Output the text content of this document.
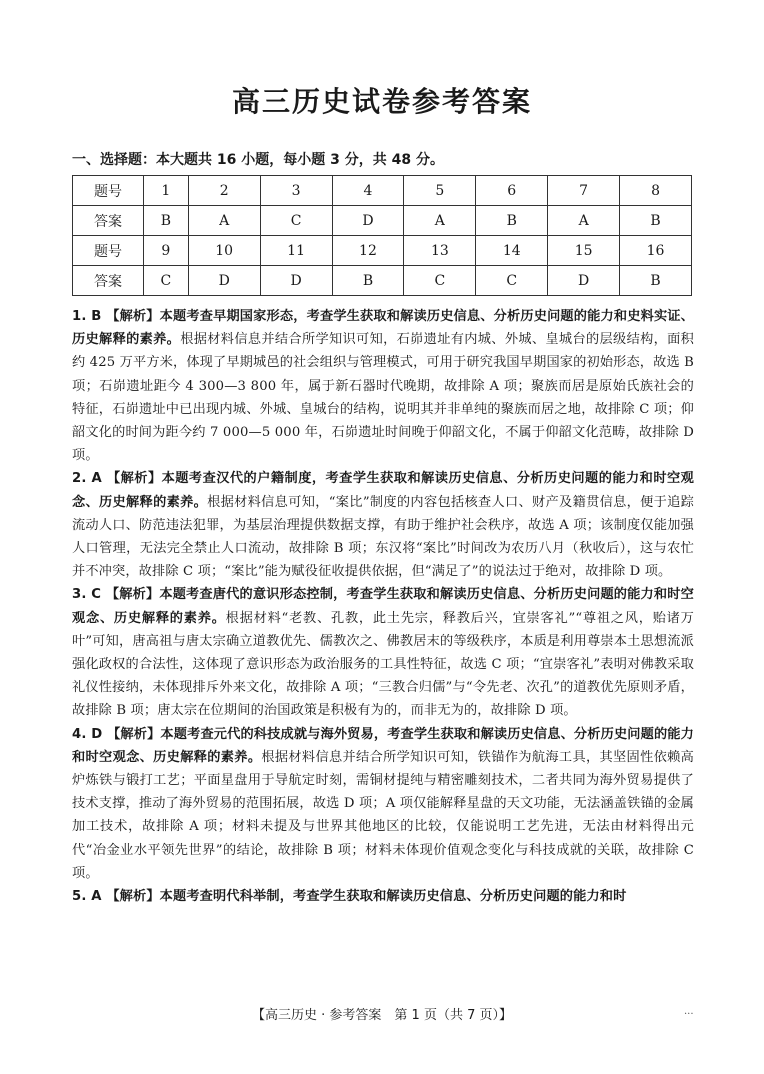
高三历史试卷参考答案
一、选择题：本大题共 16 小题，每小题 3 分，共 48 分。
题号	1	2	3	4	5	6	7	8
答案	B	A	C	D	A	B	A	B
题号	9	10	11	12	13	14	15	16
答案	C	D	D	B	C	C	D	B

1. B 【解析】本题考查早期国家形态，考查学生获取和解读历史信息、分析历史问题的能力和史料实证、历史解释的素养。根据材料信息并结合所学知识可知，石峁遗址有内城、外城、皇城台的层级结构，面积约 425 万平方米，体现了早期城邑的社会组织与管理模式，可用于研究我国早期国家的初始形态，故选 B 项；石峁遗址距今 4 300—3 800 年，属于新石器时代晚期，故排除 A 项；聚族而居是原始氏族社会的特征，石峁遗址中已出现内城、外城、皇城台的结构，说明其并非单纯的聚族而居之地，故排除 C 项；仰韶文化的时间为距今约 7 000—5 000 年，石峁遗址时间晚于仰韶文化，不属于仰韶文化范畴，故排除 D 项。

2. A 【解析】本题考查汉代的户籍制度，考查学生获取和解读历史信息、分析历史问题的能力和时空观念、历史解释的素养。根据材料信息可知，“案比”制度的内容包括核查人口、财产及籍贯信息，便于追踪流动人口、防范违法犯罪，为基层治理提供数据支撑，有助于维护社会秩序，故选 A 项；该制度仅能加强人口管理，无法完全禁止人口流动，故排除 B 项；东汉将“案比”时间改为农历八月（秋收后），这与农忙并不冲突，故排除 C 项；“案比”能为赋役征收提供依据，但“满足了”的说法过于绝对，故排除 D 项。

3. C 【解析】本题考查唐代的意识形态控制，考查学生获取和解读历史信息、分析历史问题的能力和时空观念、历史解释的素养。根据材料“老教、孔教，此土先宗，释教后兴，宜崇客礼”“尊祖之风，贻诸万叶”可知，唐高祖与唐太宗确立道教优先、儒教次之、佛教居末的等级秩序，本质是利用尊崇本土思想流派强化政权的合法性，这体现了意识形态为政治服务的工具性特征，故选 C 项；“宜崇客礼”表明对佛教采取礼仪性接纳，未体现排斥外来文化，故排除 A 项；“三教合归儒”与“令先老、次孔”的道教优先原则矛盾，故排除 B 项；唐太宗在位期间的治国政策是积极有为的，而非无为的，故排除 D 项。

4. D 【解析】本题考查元代的科技成就与海外贸易，考查学生获取和解读历史信息、分析历史问题的能力和时空观念、历史解释的素养。根据材料信息并结合所学知识可知，铁锚作为航海工具，其坚固性依赖高炉炼铁与锻打工艺；平面星盘用于导航定时刻，需铜材提纯与精密雕刻技术，二者共同为海外贸易提供了技术支撑，推动了海外贸易的范围拓展，故选 D 项；A 项仅能解释星盘的天文功能，无法涵盖铁锚的金属加工技术，故排除 A 项；材料未提及与世界其他地区的比较，仅能说明工艺先进，无法由材料得出元代“冶金业水平领先世界”的结论，故排除 B 项；材料未体现价值观念变化与科技成就的关联，故排除 C 项。

5. A 【解析】本题考查明代科举制，考查学生获取和解读历史信息、分析历史问题的能力和时

【高三历史 · 参考答案　第 1 页（共 7 页）】	...
